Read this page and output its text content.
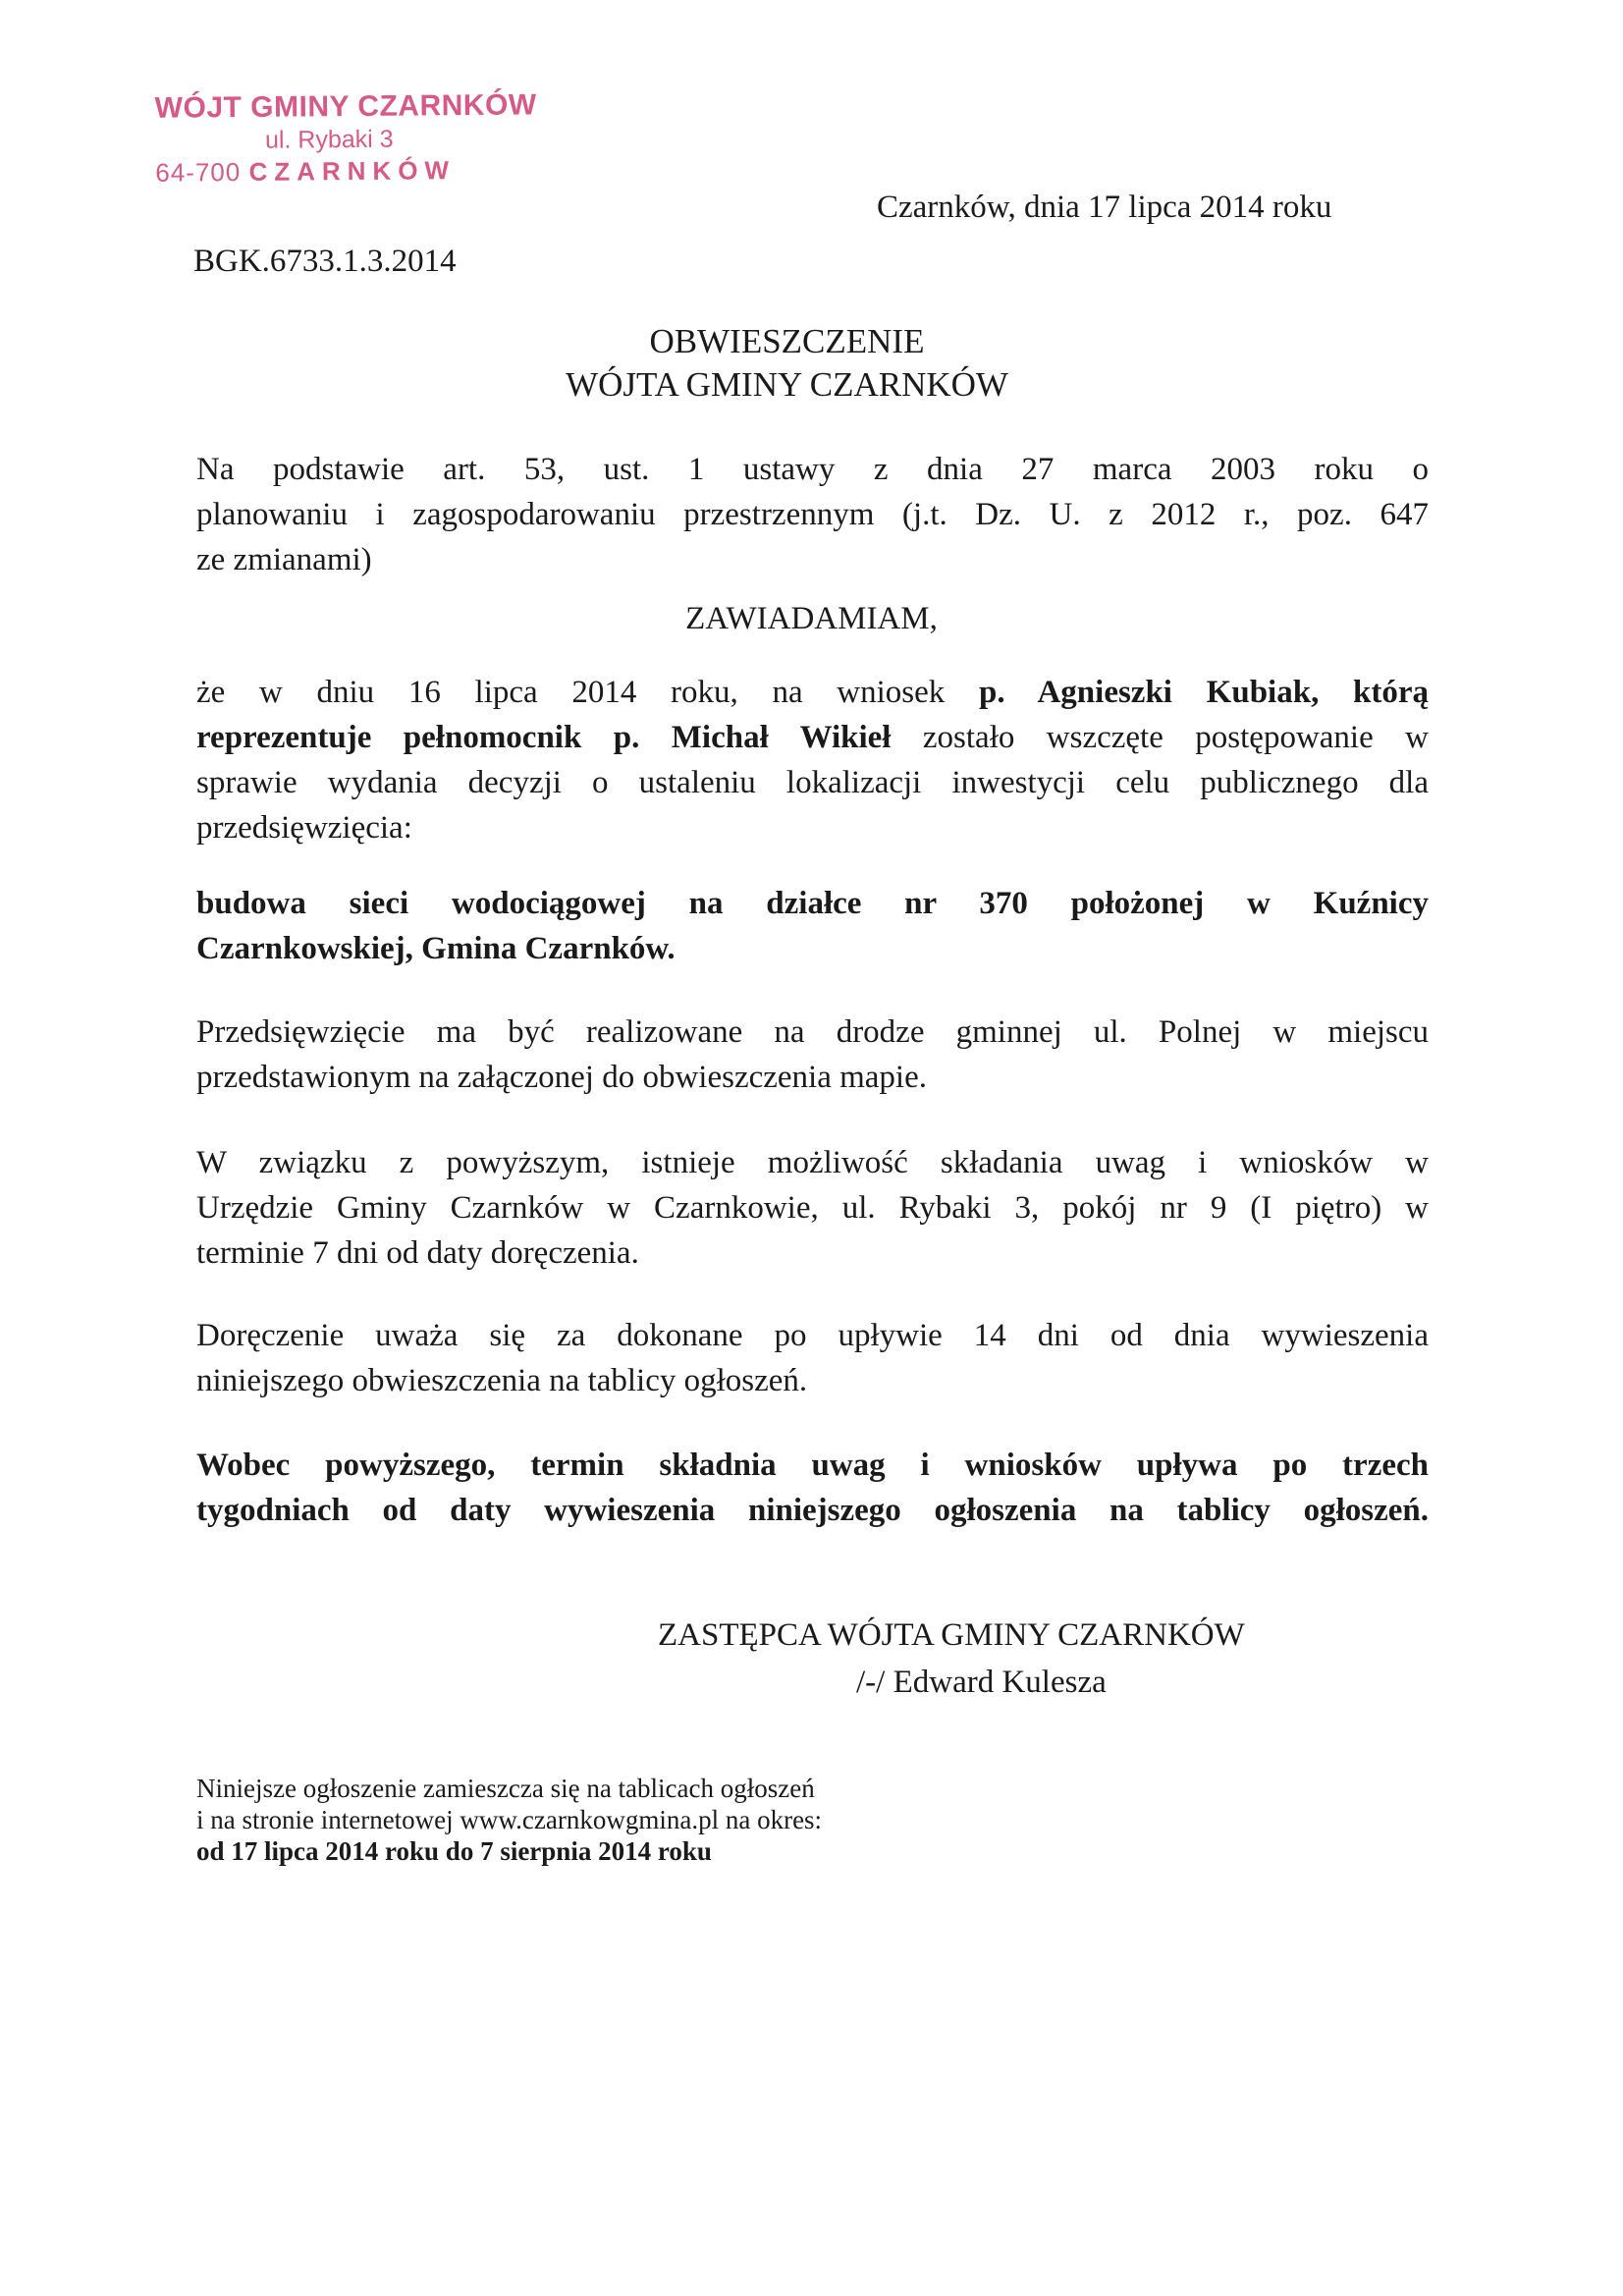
WÓJT GMINY CZARNKÓW
ul. Rybaki 3
64-700 CZARNKÓW
Czarnków, dnia 17 lipca 2014 roku
BGK.6733.1.3.2014
OBWIESZCZENIE
WÓJTA GMINY CZARNKÓW
Na podstawie art. 53, ust. 1 ustawy z dnia 27 marca 2003 roku o
planowaniu i zagospodarowaniu przestrzennym (j.t. Dz. U. z 2012 r., poz. 647
ze zmianami)
ZAWIADAMIAM,
że w dniu 16 lipca 2014 roku, na wniosek p. Agnieszki Kubiak, którą
reprezentuje pełnomocnik p. Michał Wikieł zostało wszczęte postępowanie w
sprawie wydania decyzji o ustaleniu lokalizacji inwestycji celu publicznego dla
przedsięwzięcia:
budowa sieci wodociągowej na działce nr 370 położonej w Kuźnicy
Czarnkowskiej, Gmina Czarnków.
Przedsięwzięcie ma być realizowane na drodze gminnej ul. Polnej w miejscu
przedstawionym na załączonej do obwieszczenia mapie.
W związku z powyższym, istnieje możliwość składania uwag i wniosków w
Urzędzie Gminy Czarnków w Czarnkowie, ul. Rybaki 3, pokój nr 9 (I piętro) w
terminie 7 dni od daty doręczenia.
Doręczenie uważa się za dokonane po upływie 14 dni od dnia wywieszenia
niniejszego obwieszczenia na tablicy ogłoszeń.
Wobec powyższego, termin składnia uwag i wniosków upływa po trzech
tygodniach od daty wywieszenia niniejszego ogłoszenia na tablicy ogłoszeń.
ZASTĘPCA WÓJTA GMINY CZARNKÓW
/-/ Edward Kulesza
Niniejsze ogłoszenie zamieszcza się na tablicach ogłoszeń
i na stronie internetowej www.czarnkowgmina.pl na okres:
od 17 lipca 2014 roku do 7 sierpnia 2014 roku
